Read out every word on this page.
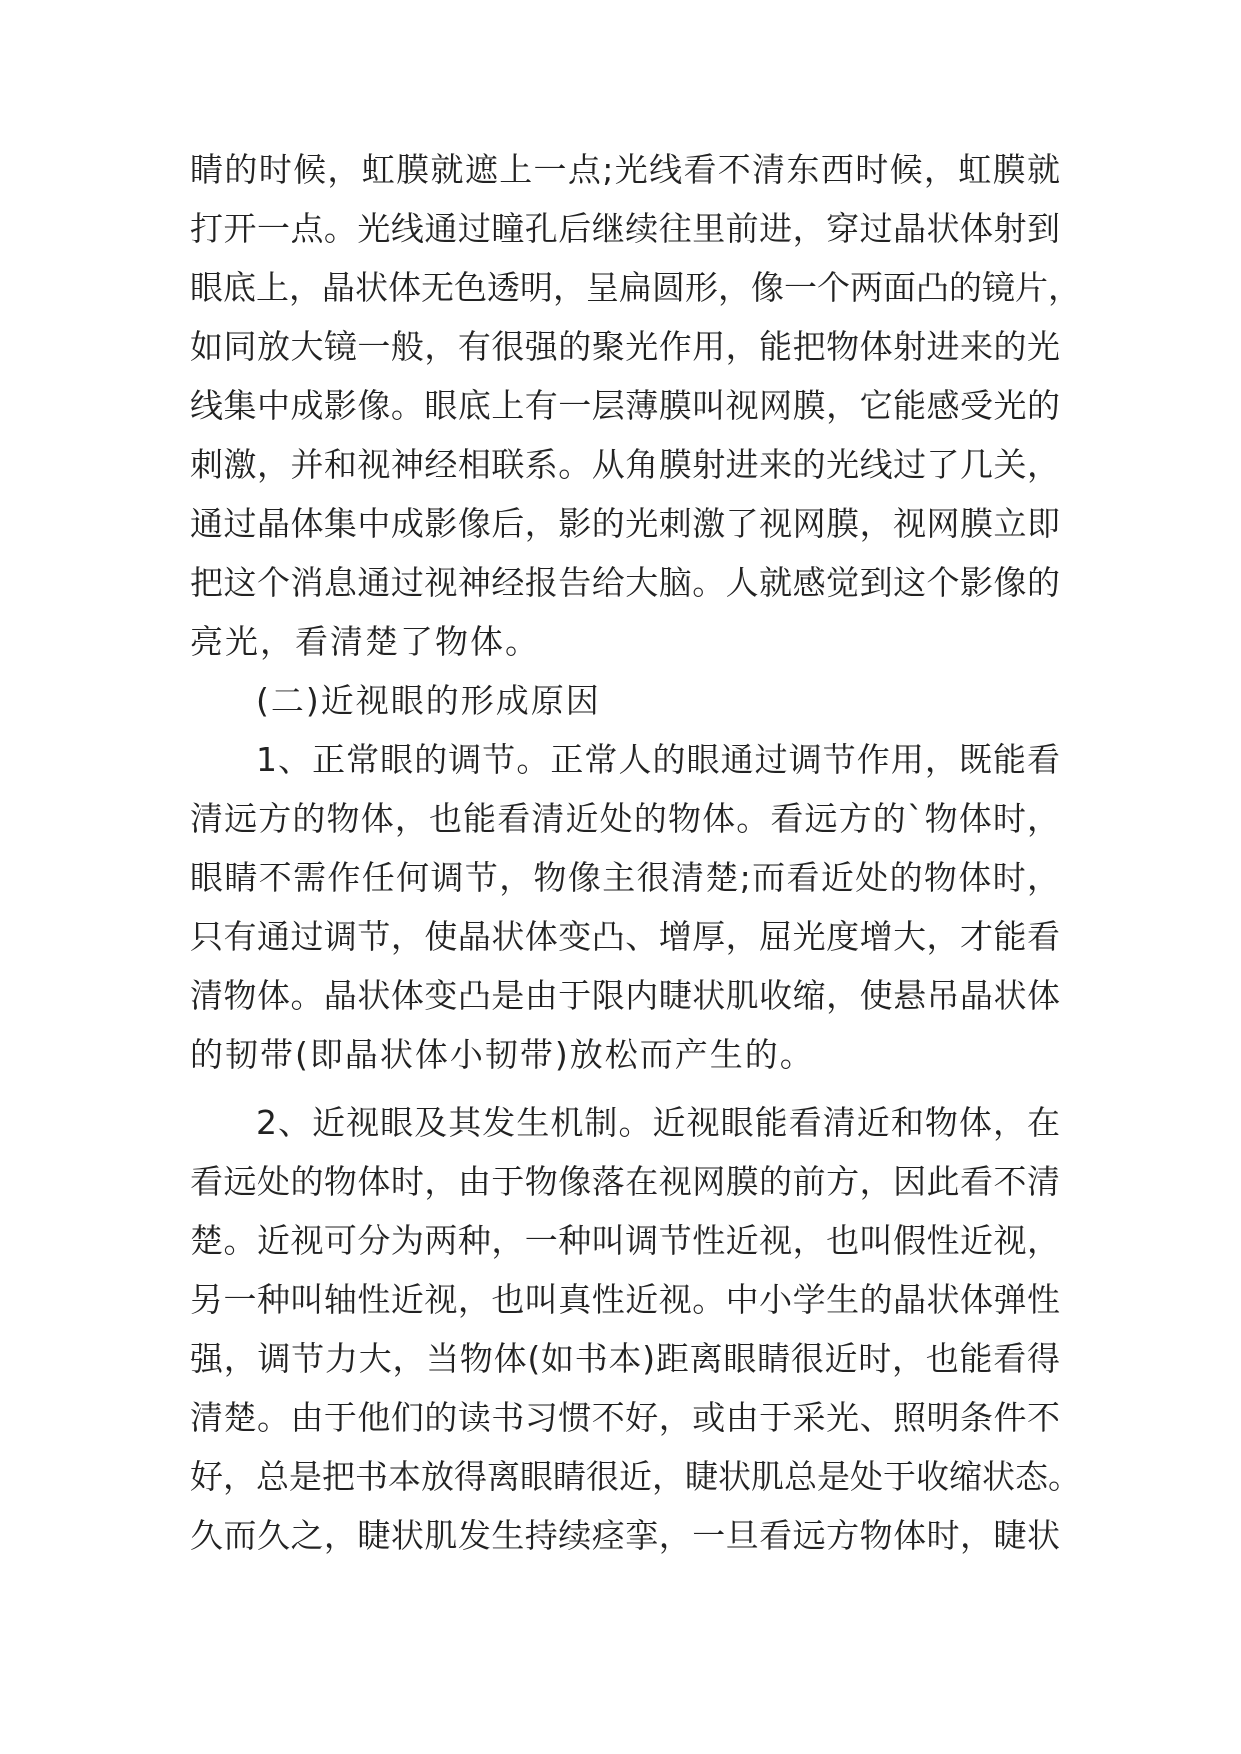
睛的时候，虹膜就遮上一点;光线看不清东西时候，虹膜就
打开一点。光线通过瞳孔后继续往里前进，穿过晶状体射到
眼底上，晶状体无色透明，呈扁圆形，像一个两面凸的镜片，
如同放大镜一般，有很强的聚光作用，能把物体射进来的光
线集中成影像。眼底上有一层薄膜叫视网膜，它能感受光的
刺激，并和视神经相联系。从角膜射进来的光线过了几关，
通过晶体集中成影像后，影的光刺激了视网膜，视网膜立即
把这个消息通过视神经报告给大脑。人就感觉到这个影像的
亮光，看清楚了物体。
(二)近视眼的形成原因
1、正常眼的调节。正常人的眼通过调节作用，既能看
清远方的物体，也能看清近处的物体。看远方的`物体时，
眼睛不需作任何调节，物像主很清楚;而看近处的物体时，
只有通过调节，使晶状体变凸、增厚，屈光度增大，才能看
清物体。晶状体变凸是由于限内睫状肌收缩，使悬吊晶状体
的韧带(即晶状体小韧带)放松而产生的。
2、近视眼及其发生机制。近视眼能看清近和物体，在
看远处的物体时，由于物像落在视网膜的前方，因此看不清
楚。近视可分为两种，一种叫调节性近视，也叫假性近视，
另一种叫轴性近视，也叫真性近视。中小学生的晶状体弹性
强，调节力大，当物体(如书本)距离眼睛很近时，也能看得
清楚。由于他们的读书习惯不好，或由于采光、照明条件不
好，总是把书本放得离眼睛很近，睫状肌总是处于收缩状态。
久而久之，睫状肌发生持续痉挛，一旦看远方物体时，睫状
